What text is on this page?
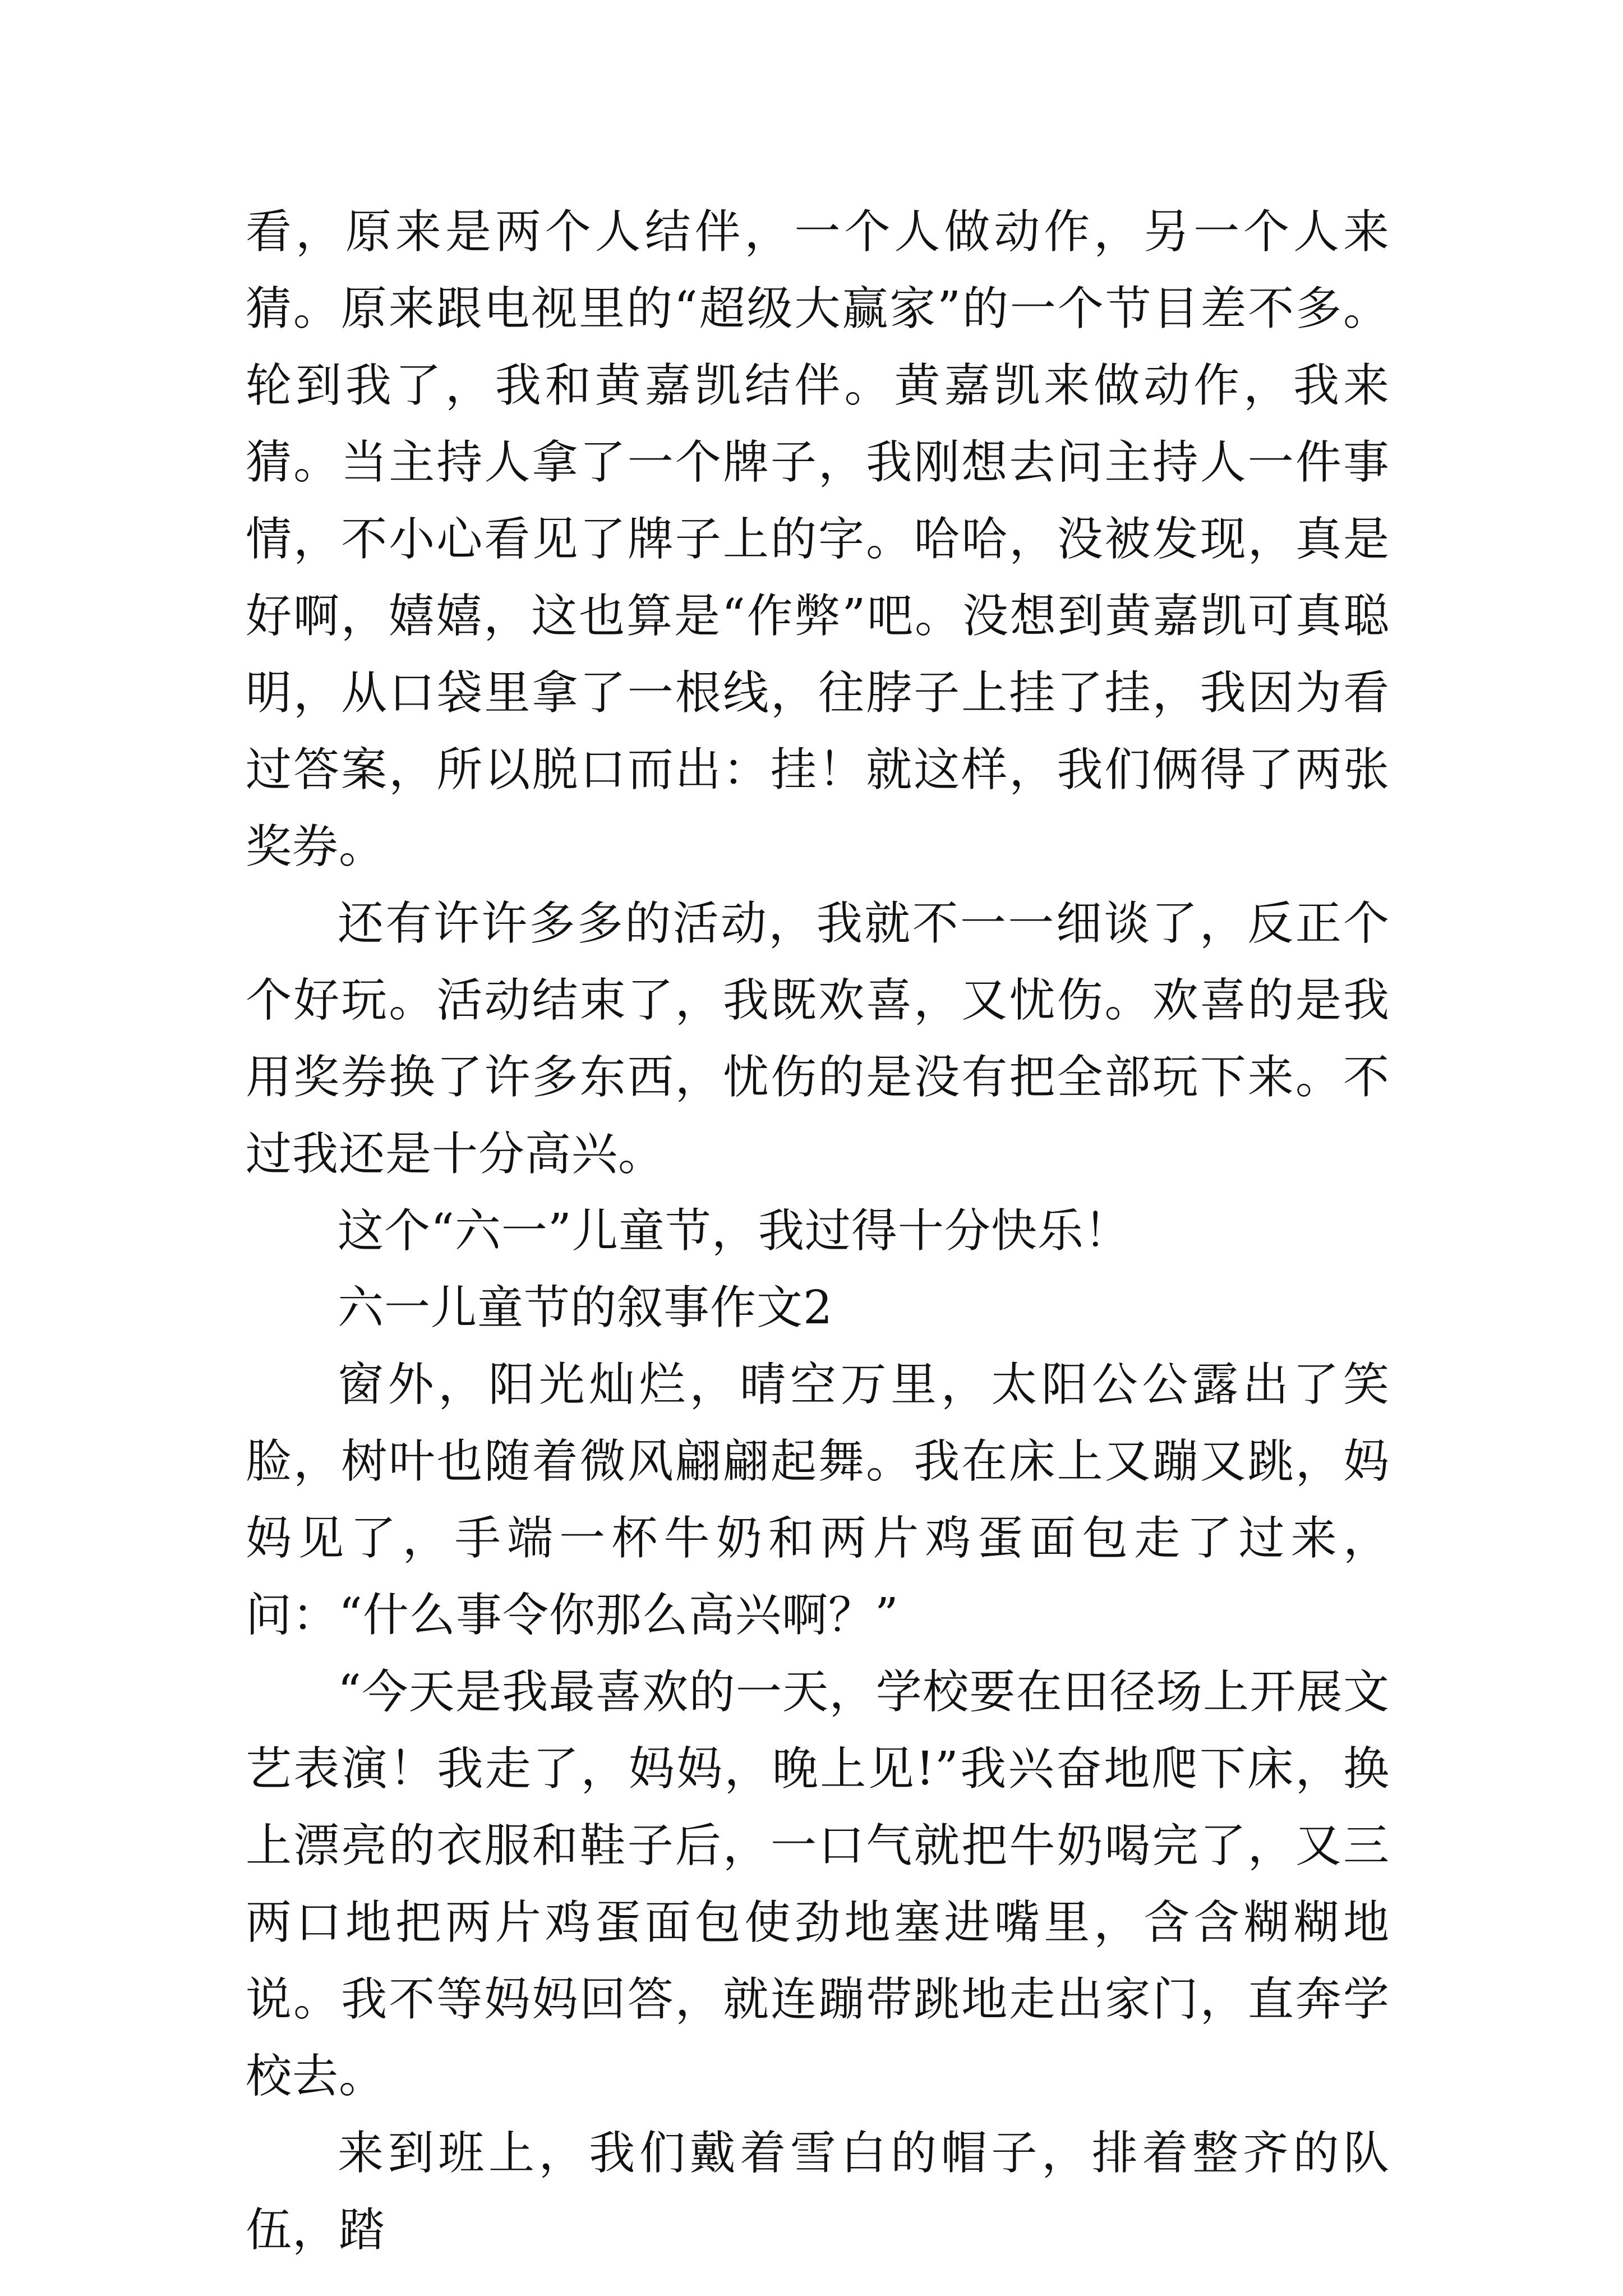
看，原来是两个人结伴，一个人做动作，另一个人来猜。原来跟电视里的“超级大赢家”的一个节目差不多。轮到我了，我和黄嘉凯结伴。黄嘉凯来做动作，我来猜。当主持人拿了一个牌子，我刚想去问主持人一件事情，不小心看见了牌子上的字。哈哈，没被发现，真是好啊，嬉嬉，这也算是“作弊”吧。没想到黄嘉凯可真聪明，从口袋里拿了一根线，往脖子上挂了挂，我因为看过答案，所以脱口而出：挂！就这样，我们俩得了两张奖券。

还有许许多多的活动，我就不一一细谈了，反正个个好玩。活动结束了，我既欢喜，又忧伤。欢喜的是我用奖券换了许多东西，忧伤的是没有把全部玩下来。不过我还是十分高兴。

这个“六一”儿童节，我过得十分快乐！

六一儿童节的叙事作文2

窗外，阳光灿烂，晴空万里，太阳公公露出了笑脸，树叶也随着微风翩翩起舞。我在床上又蹦又跳，妈妈见了，手端一杯牛奶和两片鸡蛋面包走了过来，问：“什么事令你那么高兴啊？”

“今天是我最喜欢的一天，学校要在田径场上开展文艺表演！我走了，妈妈，晚上见!”我兴奋地爬下床，换上漂亮的衣服和鞋子后，一口气就把牛奶喝完了，又三两口地把两片鸡蛋面包使劲地塞进嘴里，含含糊糊地说。我不等妈妈回答，就连蹦带跳地走出家门，直奔学校去。

来到班上，我们戴着雪白的帽子，排着整齐的队伍，踏
